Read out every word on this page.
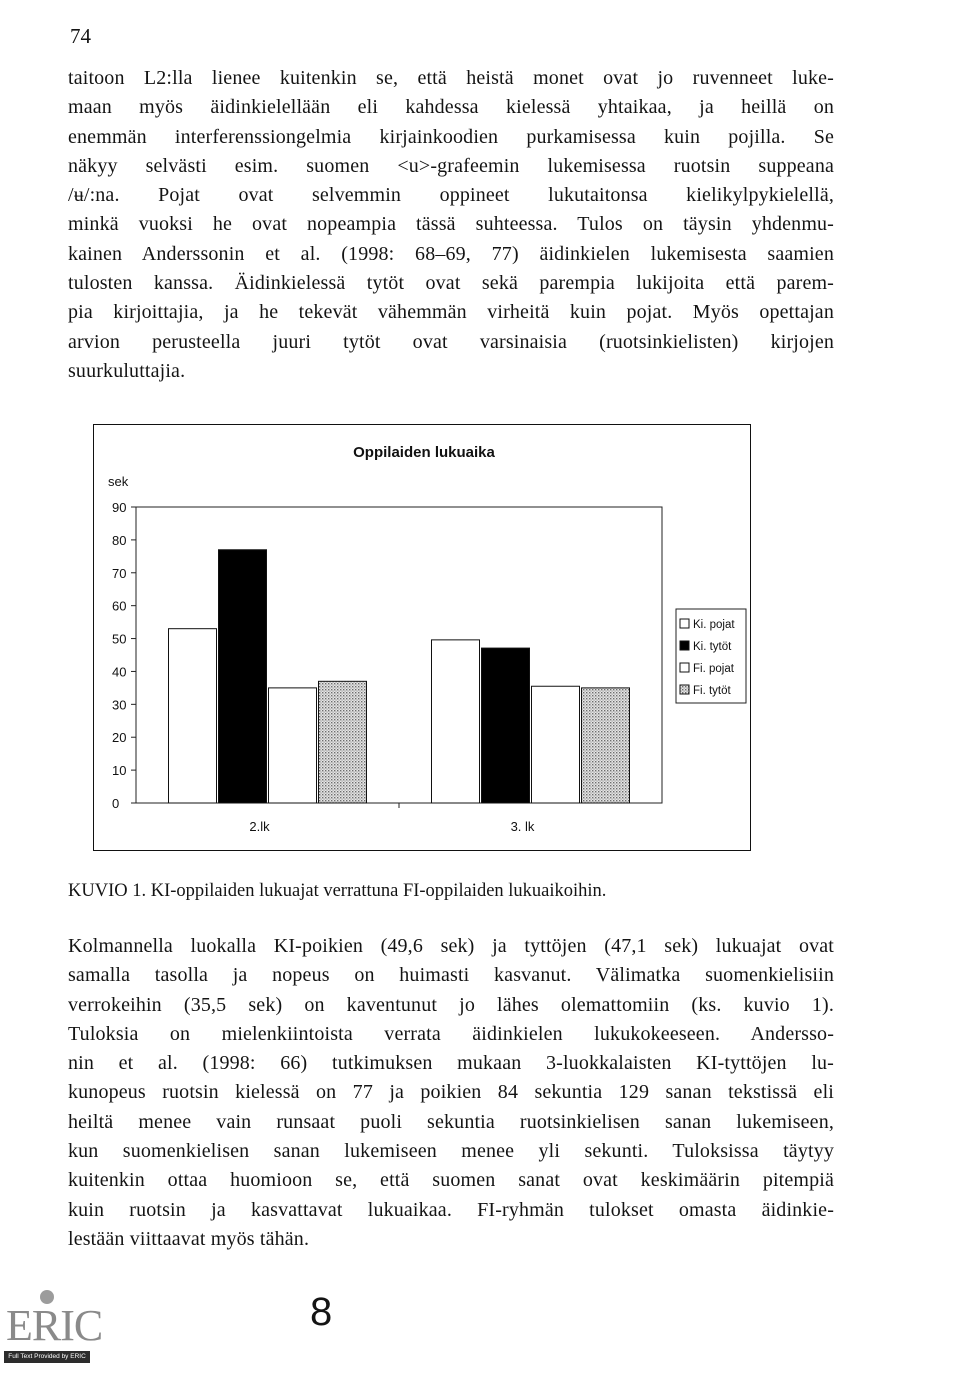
74
taitoon L2:lla lienee kuitenkin se, että heistä monet ovat jo ruvenneet luke-
maan myös äidinkielellään eli kahdessa kielessä yhtaikaa, ja heillä on
enemmän interferenssiongelmia kirjainkoodien purkamisessa kuin pojilla. Se
näkyy selvästi esim. suomen <u>-grafeemin lukemisessa ruotsin suppeana
/ʉ/:na. Pojat ovat selvemmin oppineet lukutaitonsa kielikylpykielellä,
minkä vuoksi he ovat nopeampia tässä suhteessa. Tulos on täysin yhdenmu-
kainen Anderssonin et al. (1998: 68–69, 77) äidinkielen lukemisesta saamien
tulosten kanssa. Äidinkielessä tytöt ovat sekä parempia lukijoita että parem-
pia kirjoittajia, ja he tekevät vähemmän virheitä kuin pojat. Myös opettajan
arvion perusteella juuri tytöt ovat varsinaisia (ruotsinkielisten) kirjojen
suurkuluttajia.
Oppilaiden lukuaika
sek
0
10
20
30
40
50
60
70
80
90
2.lk	3. lk
Ki. pojat
Ki. tytöt
Fi. pojat
Fi. tytöt
KUVIO 1. KI-oppilaiden lukuajat verrattuna FI-oppilaiden lukuaikoihin.
Kolmannella luokalla KI-poikien (49,6 sek) ja tyttöjen (47,1 sek) lukuajat ovat
samalla tasolla ja nopeus on huimasti kasvanut. Välimatka suomenkielisiin
verrokeihin (35,5 sek) on kaventunut jo lähes olemattomiin (ks. kuvio 1).
Tuloksia on mielenkiintoista verrata äidinkielen lukukokeeseen. Andersso-
nin et al. (1998: 66) tutkimuksen mukaan 3-luokkalaisten KI-tyttöjen lu-
kunopeus ruotsin kielessä on 77 ja poikien 84 sekuntia 129 sanan tekstissä eli
heiltä menee vain runsaat puoli sekuntia ruotsinkielisen sanan lukemiseen,
kun suomenkielisen sanan lukemiseen menee yli sekunti. Tuloksissa täytyy
kuitenkin ottaa huomioon se, että suomen sanat ovat keskimäärin pitempiä
kuin ruotsin ja kasvattavat lukuaikaa. FI-ryhmän tulokset omasta äidinkie-
lestään viittaavat myös tähän.
ERIC
Full Text Provided by ERIC
8
